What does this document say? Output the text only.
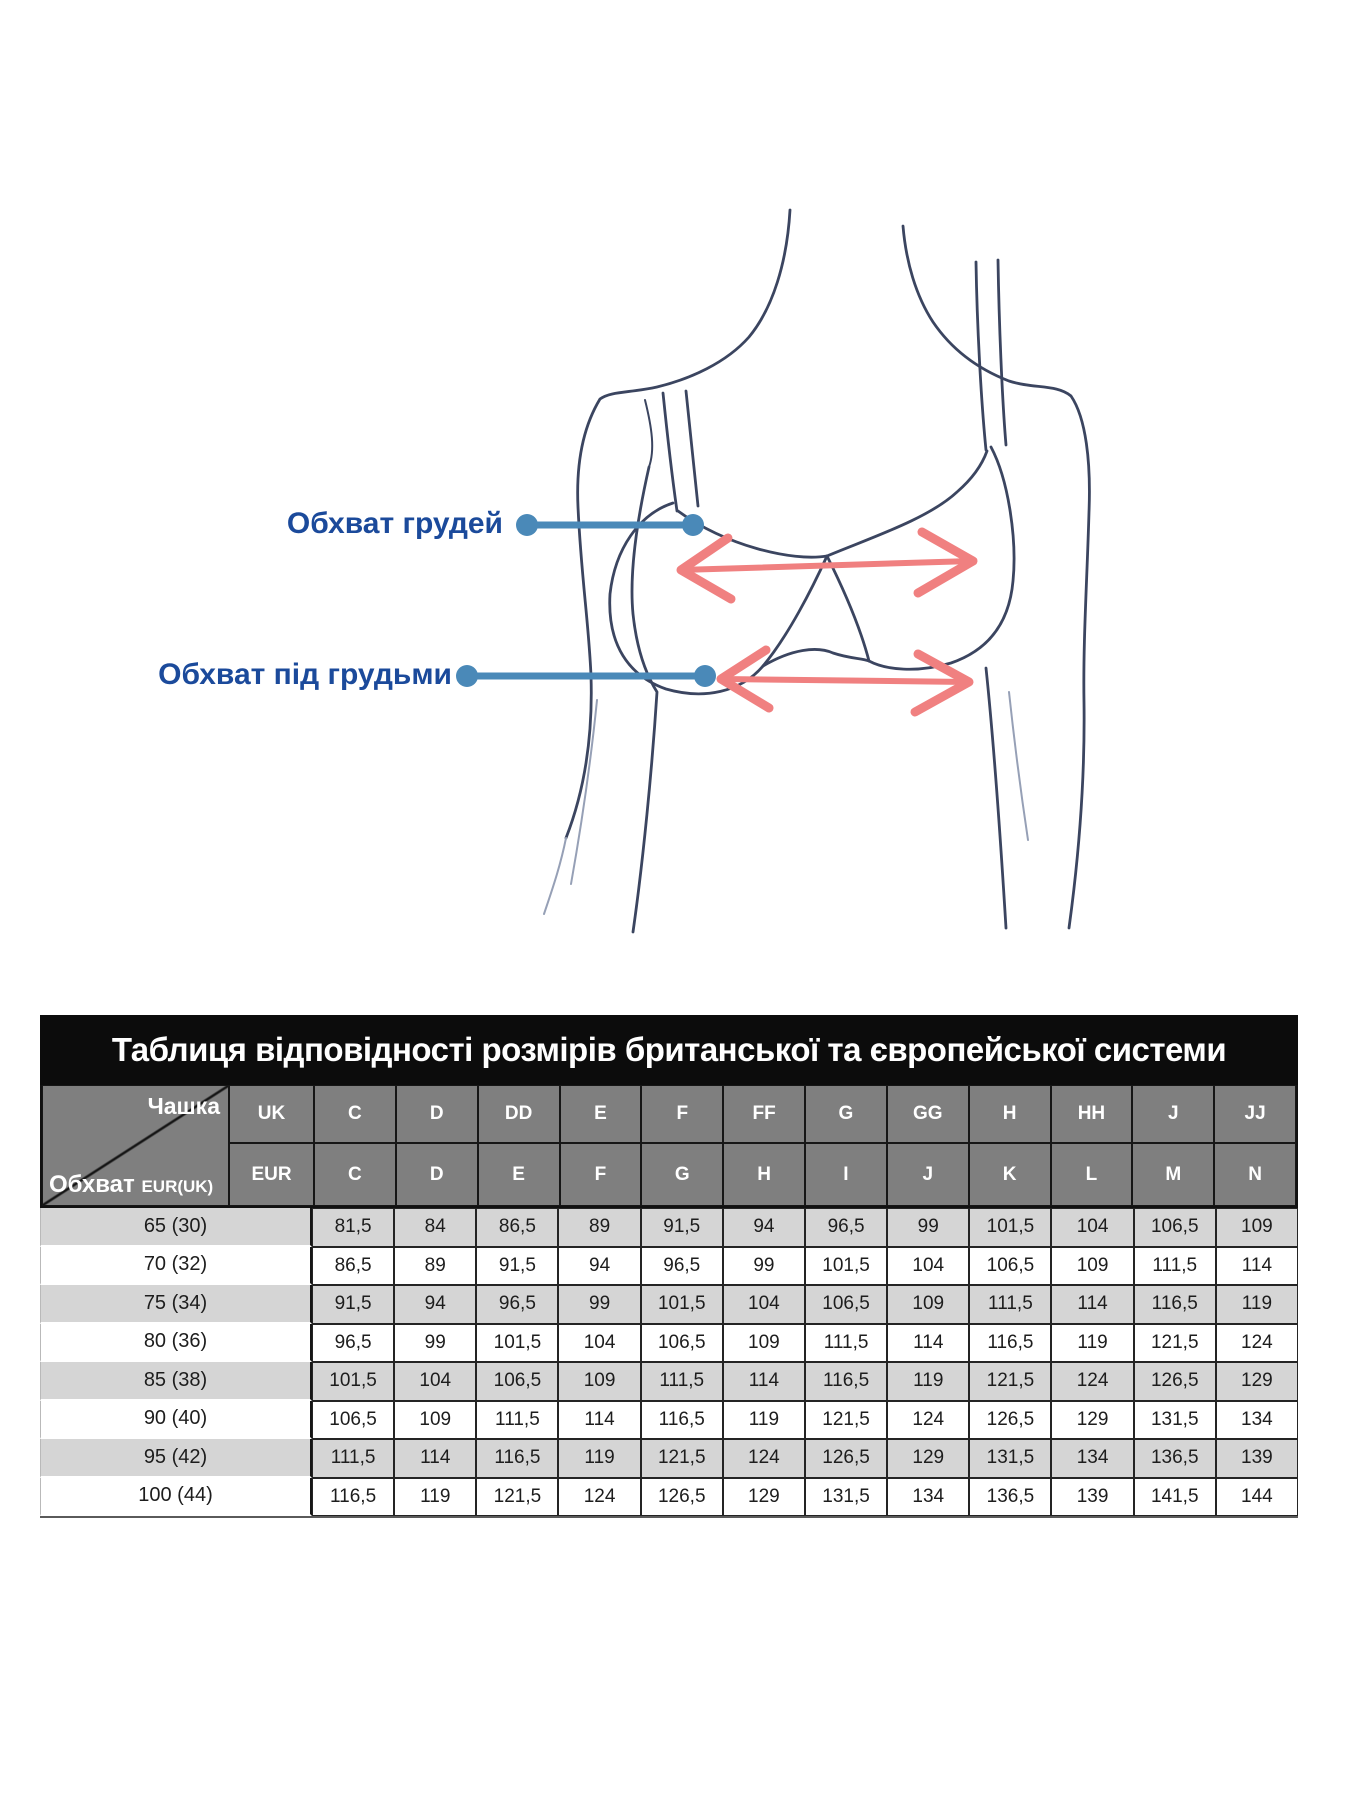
Обхват грудей
Обхват під грудьми
Таблиця відповідності розмірів британської та європейської системи
Чашка
Обхват EUR(UK)
UK	C	D	DD	E	F	FF	G	GG	H	HH	J	JJ
EUR	C	D	E	F	G	H	I	J	K	L	M	N
65 (30)	81,5	84	86,5	89	91,5	94	96,5	99	101,5	104	106,5	109
70 (32)	86,5	89	91,5	94	96,5	99	101,5	104	106,5	109	111,5	114
75 (34)	91,5	94	96,5	99	101,5	104	106,5	109	111,5	114	116,5	119
80 (36)	96,5	99	101,5	104	106,5	109	111,5	114	116,5	119	121,5	124
85 (38)	101,5	104	106,5	109	111,5	114	116,5	119	121,5	124	126,5	129
90 (40)	106,5	109	111,5	114	116,5	119	121,5	124	126,5	129	131,5	134
95 (42)	111,5	114	116,5	119	121,5	124	126,5	129	131,5	134	136,5	139
100 (44)	116,5	119	121,5	124	126,5	129	131,5	134	136,5	139	141,5	144
